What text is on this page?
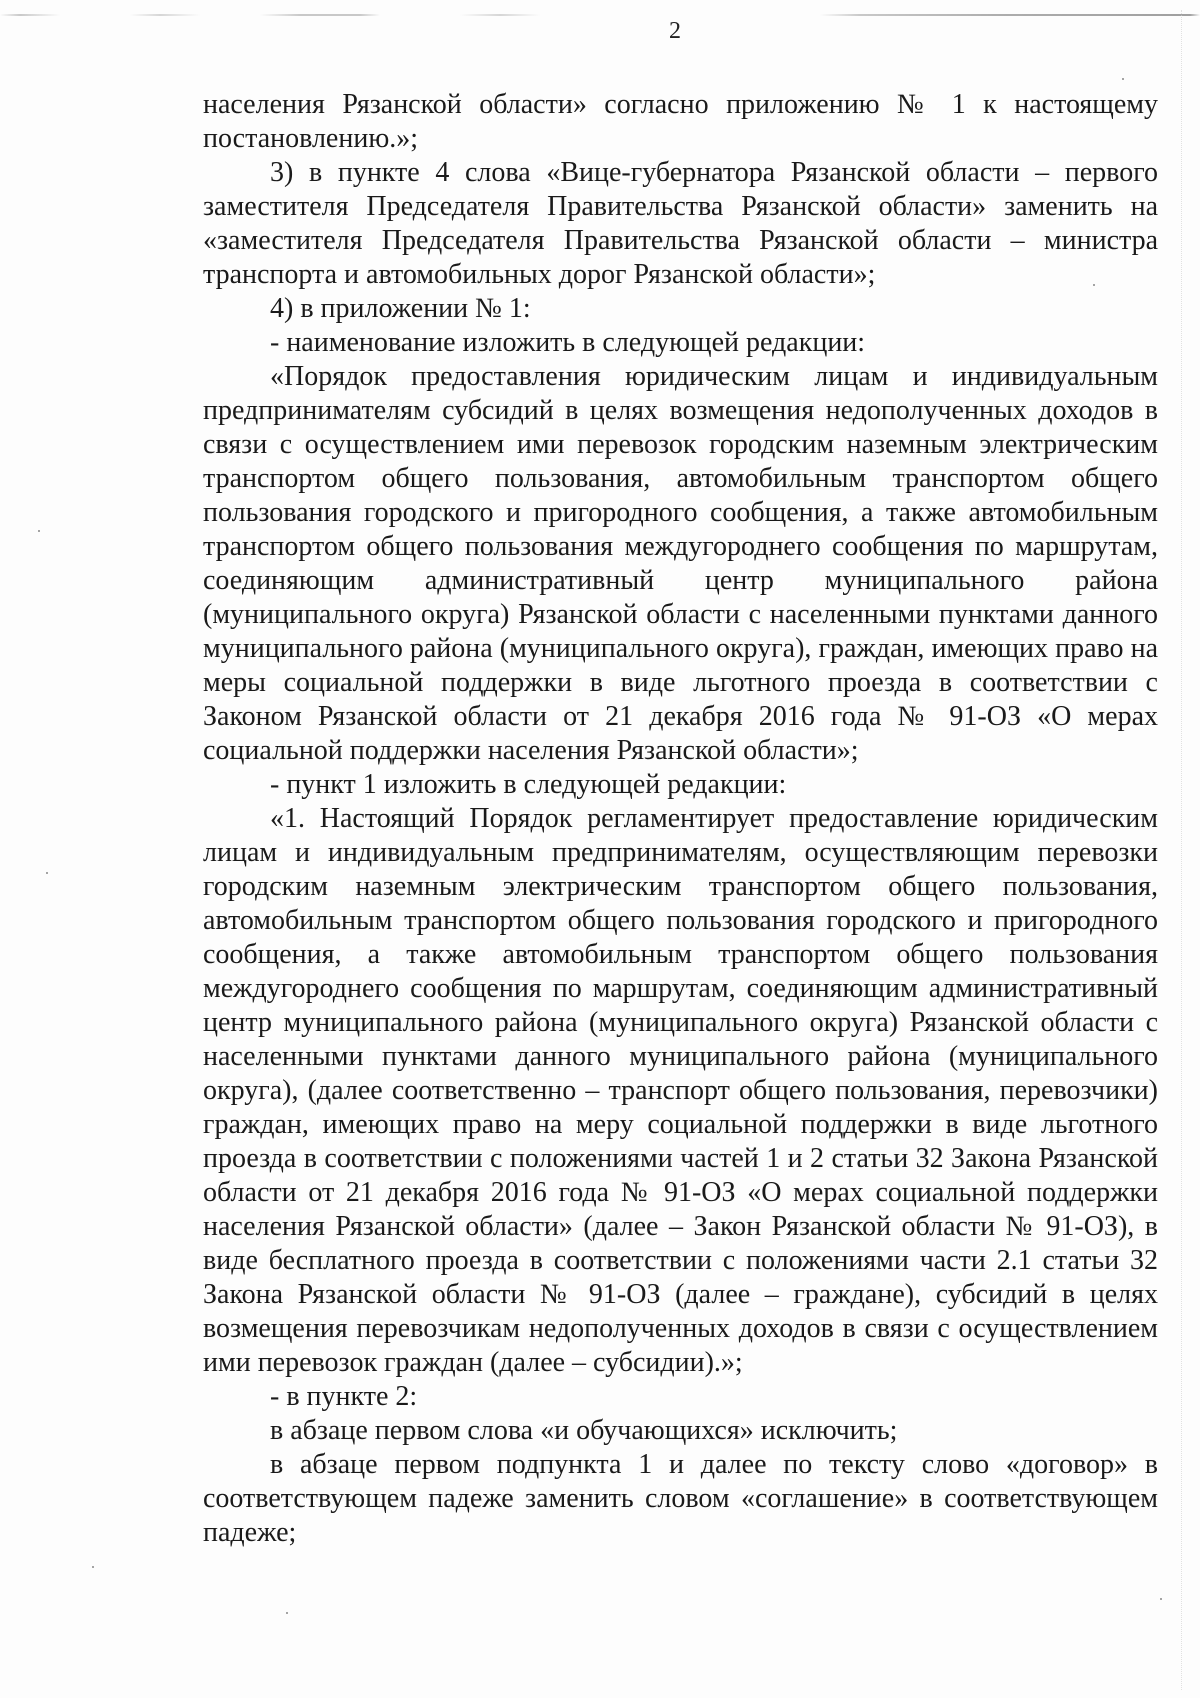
2

населения Рязанской области» согласно приложению № 1 к настоящему постановлению.»;

3) в пункте 4 слова «Вице-губернатора Рязанской области – первого заместителя Председателя Правительства Рязанской области» заменить на «заместителя Председателя Правительства Рязанской области – министра транспорта и автомобильных дорог Рязанской области»;

4) в приложении № 1:

- наименование изложить в следующей редакции:

«Порядок предоставления юридическим лицам и индивидуальным предпринимателям субсидий в целях возмещения недополученных доходов в связи с осуществлением ими перевозок городским наземным электрическим транспортом общего пользования, автомобильным транспортом общего пользования городского и пригородного сообщения, а также автомобильным транспортом общего пользования междугороднего сообщения по маршрутам, соединяющим административный центр муниципального района (муниципального округа) Рязанской области с населенными пунктами данного муниципального района (муниципального округа), граждан, имеющих право на меры социальной поддержки в виде льготного проезда в соответствии с Законом Рязанской области от 21 декабря 2016 года № 91-ОЗ «О мерах социальной поддержки населения Рязанской области»;

- пункт 1 изложить в следующей редакции:

«1. Настоящий Порядок регламентирует предоставление юридическим лицам и индивидуальным предпринимателям, осуществляющим перевозки городским наземным электрическим транспортом общего пользования, автомобильным транспортом общего пользования городского и пригородного сообщения, а также автомобильным транспортом общего пользования междугороднего сообщения по маршрутам, соединяющим административный центр муниципального района (муниципального округа) Рязанской области с населенными пунктами данного муниципального района (муниципального округа), (далее соответственно – транспорт общего пользования, перевозчики) граждан, имеющих право на меру социальной поддержки в виде льготного проезда в соответствии с положениями частей 1 и 2 статьи 32 Закона Рязанской области от 21 декабря 2016 года № 91-ОЗ «О мерах социальной поддержки населения Рязанской области» (далее – Закон Рязанской области № 91-ОЗ), в виде бесплатного проезда в соответствии с положениями части 2.1 статьи 32 Закона Рязанской области № 91-ОЗ (далее – граждане), субсидий в целях возмещения перевозчикам недополученных доходов в связи с осуществлением ими перевозок граждан (далее – субсидии).»;

- в пункте 2:

в абзаце первом слова «и обучающихся» исключить;

в абзаце первом подпункта 1 и далее по тексту слово «договор» в соответствующем падеже заменить словом «соглашение» в соответствующем падеже;
